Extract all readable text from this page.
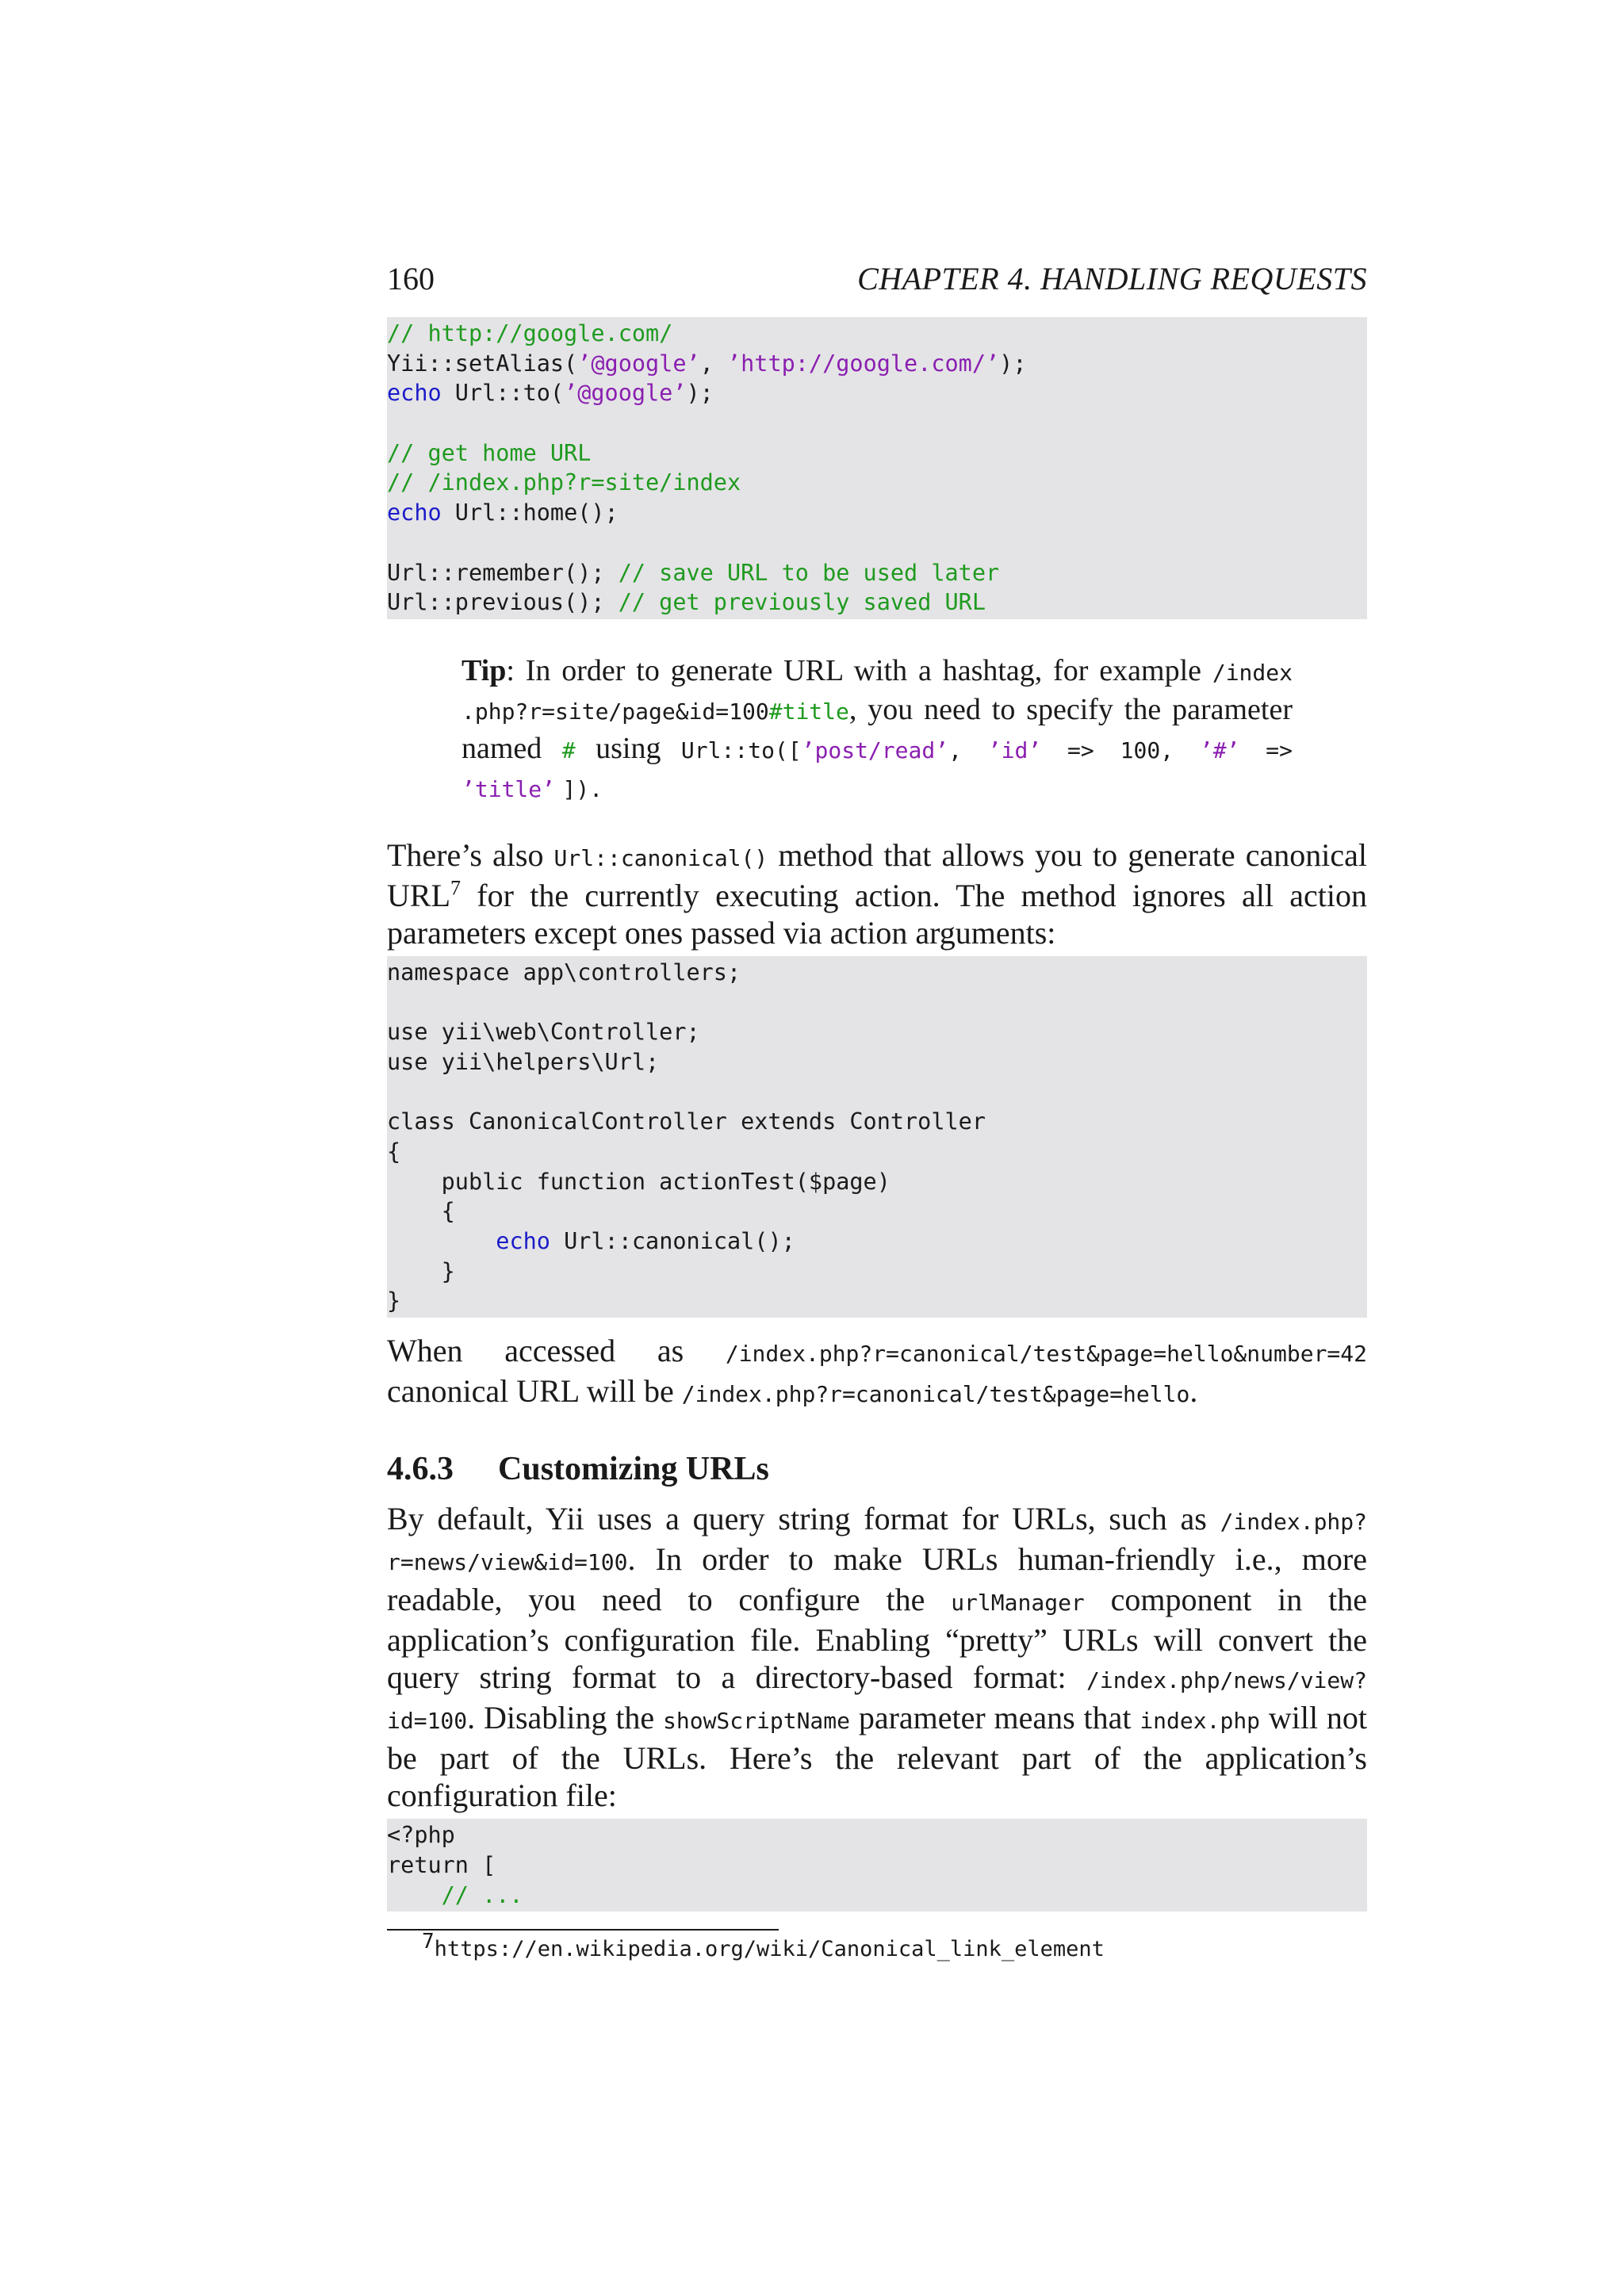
160	CHAPTER 4. HANDLING REQUESTS
// http://google.com/
Yii::setAlias(’@google’, ’http://google.com/’);
echo Url::to(’@google’);

// get home URL
// /index.php?r=site/index
echo Url::home();

Url::remember(); // save URL to be used later
Url::previous(); // get previously saved URL
Tip: In order to generate URL with a hashtag, for example /index .php?r=site/page&id=100#title, you need to specify the parameter named # using Url::to([’post/read’, ’id’ => 100, ’#’ => ’title’ ]).

There’s also Url::canonical() method that allows you to generate canonical URL$^7$ for the currently executing action. The method ignores all action parameters except ones passed via action arguments:

namespace app\controllers;

use yii\web\Controller;
use yii\helpers\Url;

class CanonicalController extends Controller
{
public function actionTest($page)
{
echo Url::canonical();
}
}

When accessed as /index.php?r=canonical/test&page=hello&number=42 canonical URL will be /index.php?r=canonical/test&page=hello.

4.6.3 Customizing URLs

By default, Yii uses a query string format for URLs, such as /index.php?r=news/view&id=100. In order to make URLs human-friendly i.e., more readable, you need to configure the urlManager component in the application’s configuration file. Enabling “pretty” URLs will convert the query string format to a directory-based format: /index.php/news/view?id=100. Disabling the showScriptName parameter means that index.php will not be part of the URLs. Here’s the relevant part of the application’s configuration file:

<?php
return [
// ...
$^7$https://en.wikipedia.org/wiki/Canonical_link_element
